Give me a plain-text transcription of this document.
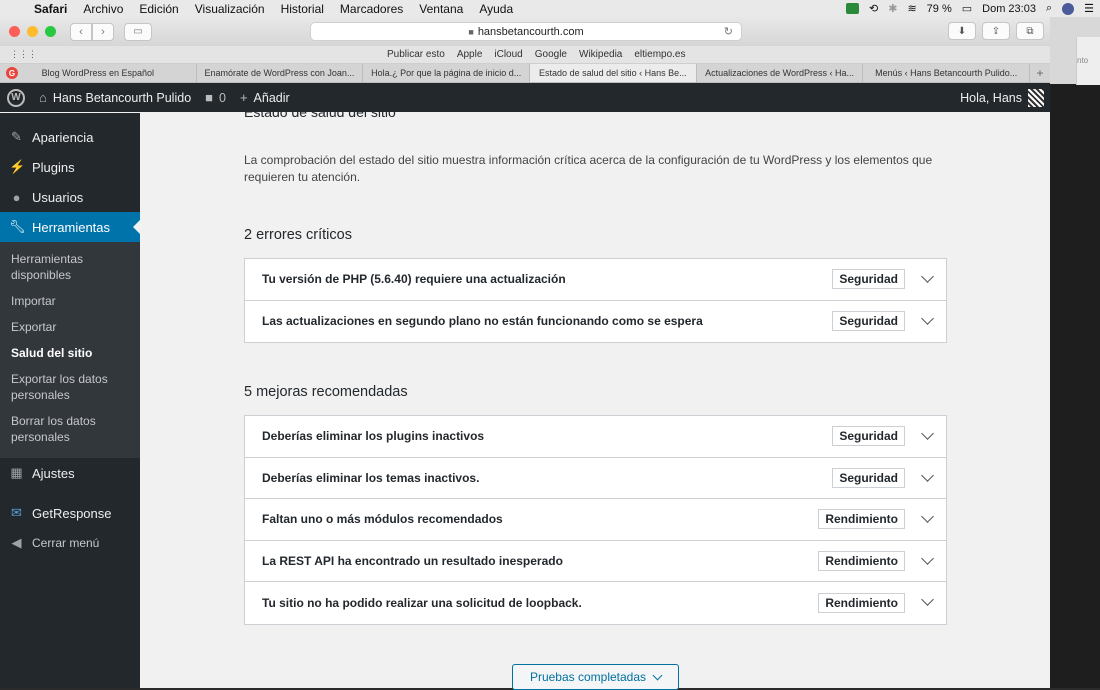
Safari	Archivo	Edición	Visualización	Historial	Marcadores	Ventana	Ayuda	⟲ ✱ ≋ 79 % ▭ Dom 23:03 ⌕	☰
‹	›	▭	■ hansbetancourth.com	↻	⬇	⇪	⧉
⋮⋮⋮	Publicar esto Apple iCloud Google Wikipedia eltiempo.es
G	Blog WordPress en Español	Enamórate de WordPress con Joan... Hola.¿ Por que la página de inicio d... Estado de salud del sitio ‹ Hans Be... Actualizaciones de WordPress ‹ Ha... Menús ‹ Hans Betancourth Pulido...	+
W	⌂ Hans Betancourth Pulido ■ 0 + Añadir	Hola, Hans
✎ Apariencia
⚡ Plugins
● Usuarios
🔧︎ Herramientas
Herramientas disponibles
Importar
Exportar
Salud del sitio
Exportar los datos personales
Borrar los datos personales
▦ Ajustes
✉ GetResponse
◀ Cerrar menú
Estado de salud del sitio
La comprobación del estado del sitio muestra información crítica acerca de la configuración de tu WordPress y los elementos que requieren tu atención.
2 errores críticos
Tu versión de PHP (5.6.40) requiere una actualización	Seguridad
Las actualizaciones en segundo plano no están funcionando como se espera	Seguridad
5 mejoras recomendadas
Deberías eliminar los plugins inactivos	Seguridad
Deberías eliminar los temas inactivos.	Seguridad
Faltan uno o más módulos recomendados	Rendimiento
La REST API ha encontrado un resultado inesperado	Rendimiento
Tu sitio no ha podido realizar una solicitud de loopback.	Rendimiento
Pruebas completadas
nto
